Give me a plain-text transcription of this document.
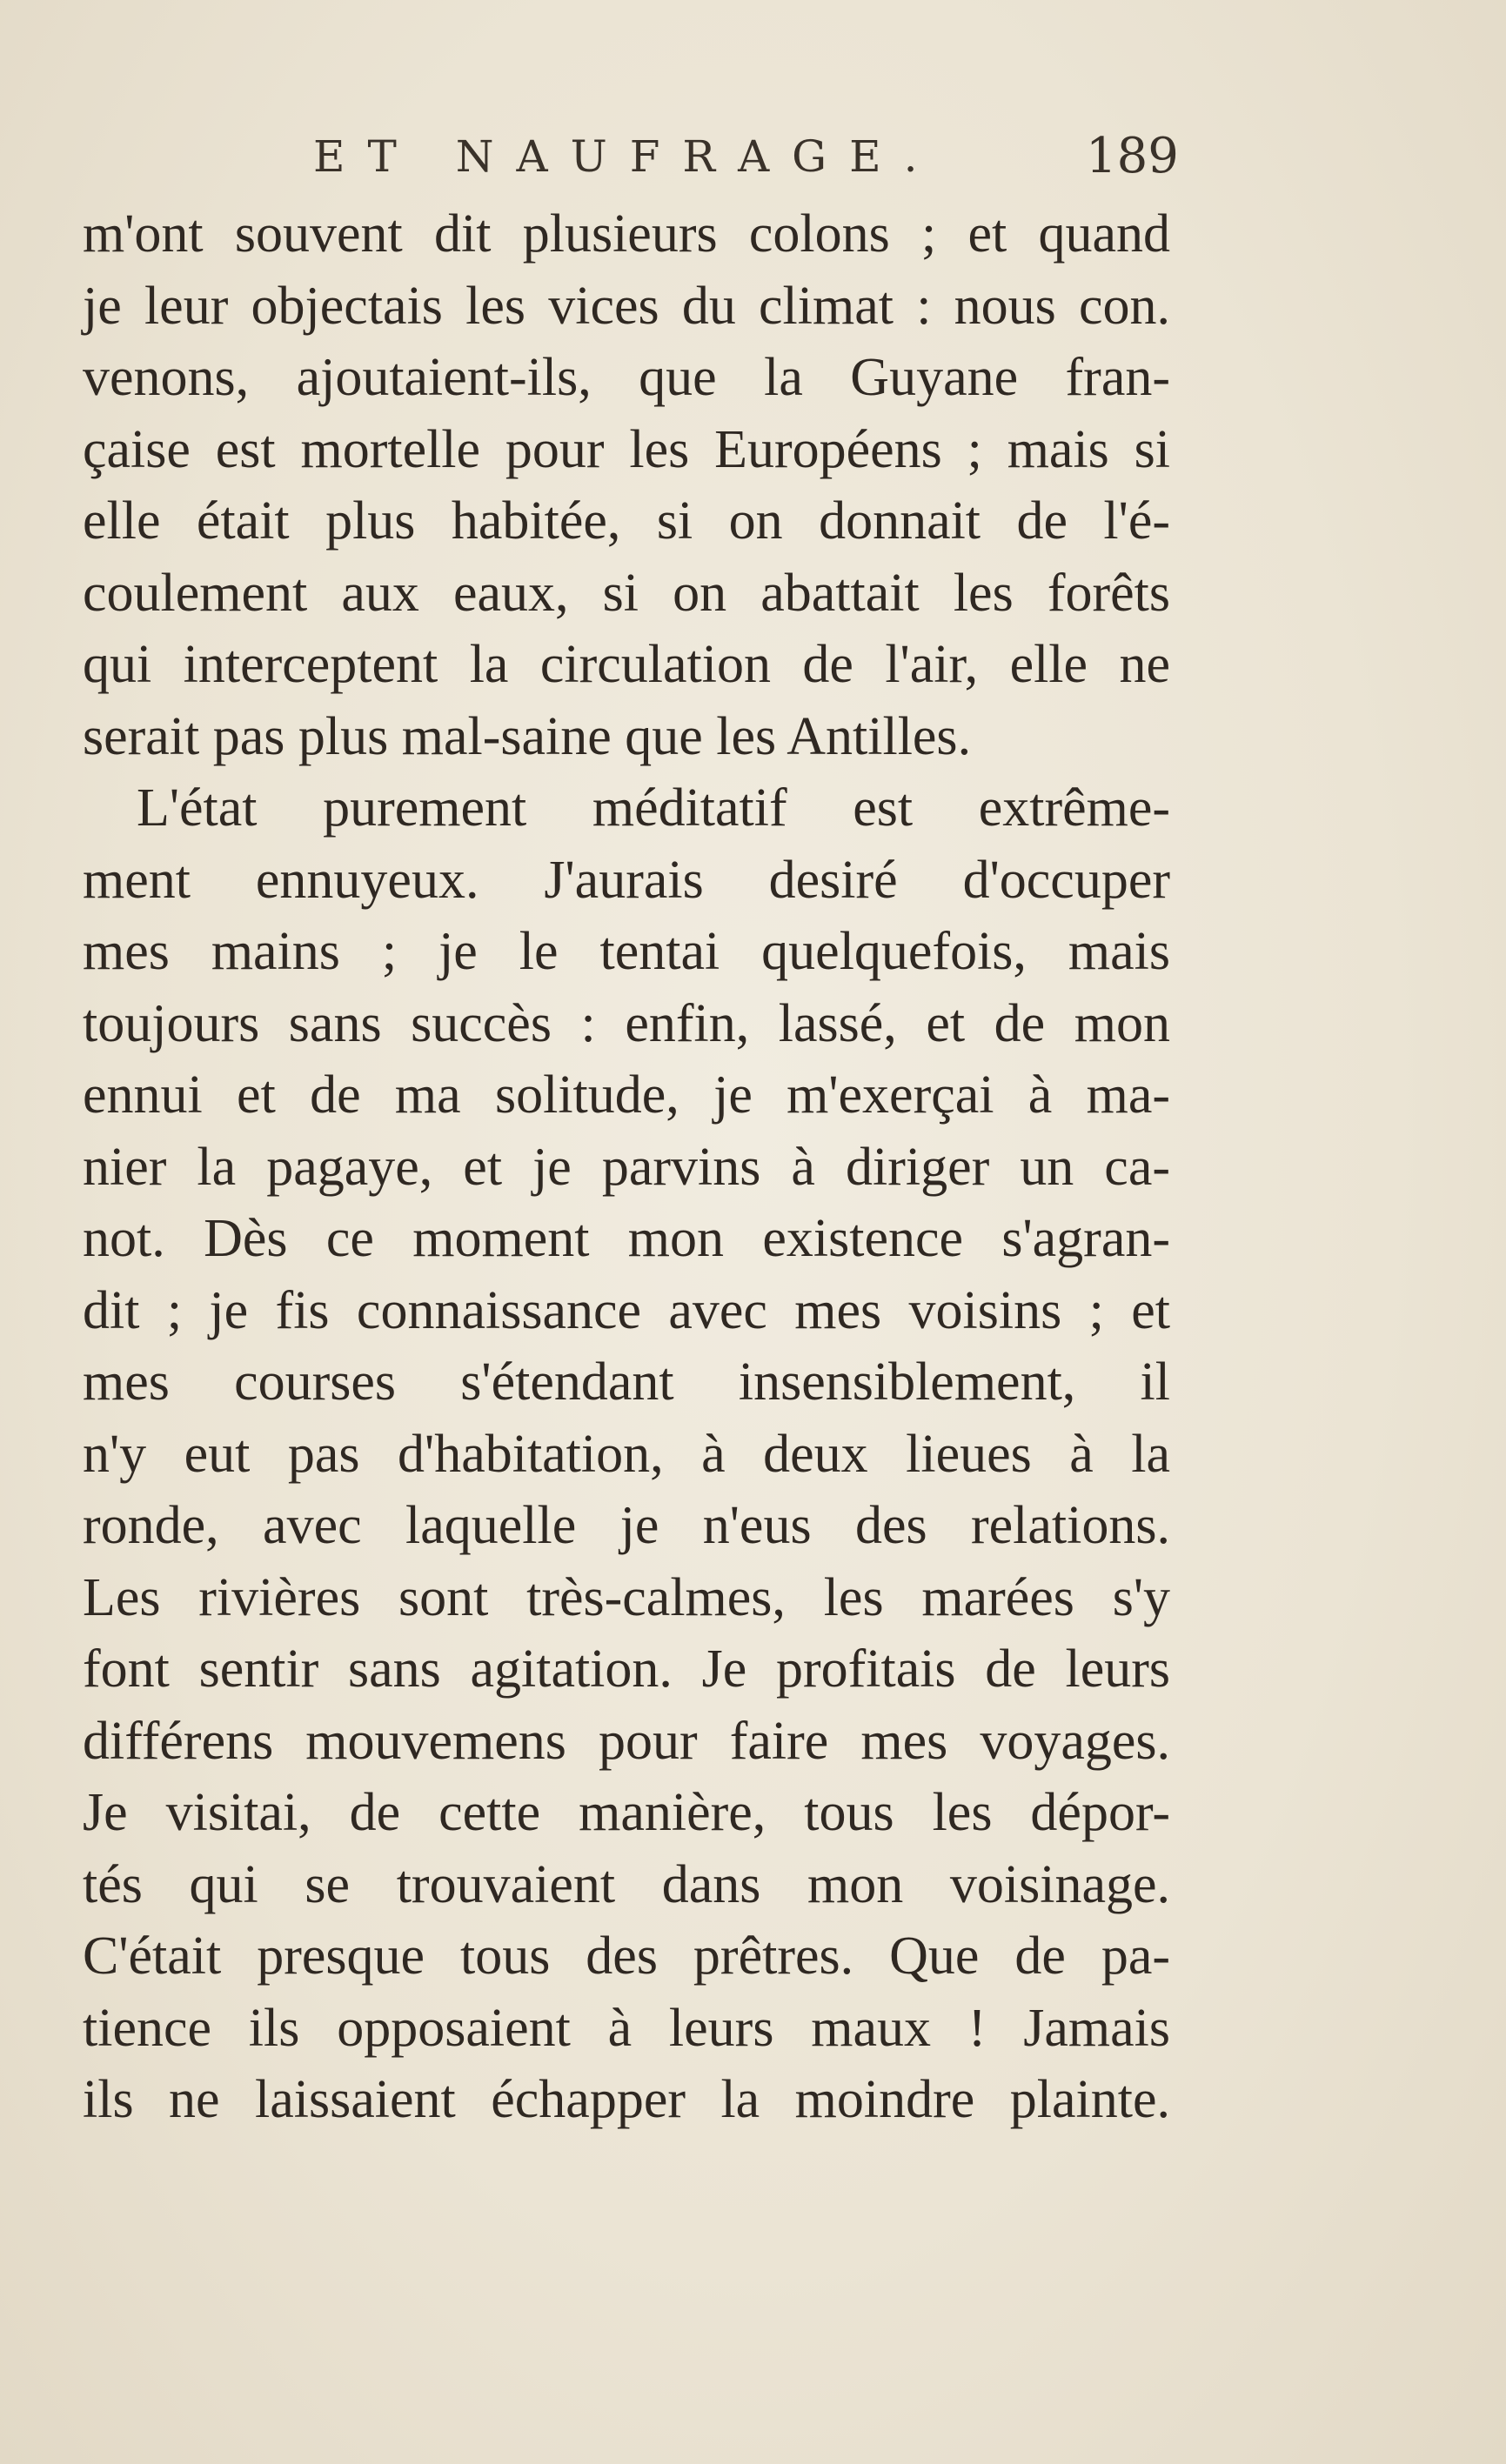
ET NAUFRAGE.	189
m'ont souvent dit plusieurs colons ; et quand
je leur objectais les vices du climat : nous con.
venons, ajoutaient-ils, que la Guyane fran-
çaise est mortelle pour les Européens ; mais si
elle était plus habitée, si on donnait de l'é-
coulement aux eaux, si on abattait les forêts
qui interceptent la circulation de l'air, elle ne
serait pas plus mal-saine que les Antilles.
L'état purement méditatif est extrême-
ment ennuyeux. J'aurais desiré d'occuper
mes mains ; je le tentai quelquefois, mais
toujours sans succès : enfin, lassé, et de mon
ennui et de ma solitude, je m'exerçai à ma-
nier la pagaye, et je parvins à diriger un ca-
not. Dès ce moment mon existence s'agran-
dit ; je fis connaissance avec mes voisins ; et
mes courses s'étendant insensiblement, il
n'y eut pas d'habitation, à deux lieues à la
ronde, avec laquelle je n'eus des relations.
Les rivières sont très-calmes, les marées s'y
font sentir sans agitation. Je profitais de leurs
différens mouvemens pour faire mes voyages.
Je visitai, de cette manière, tous les dépor-
tés qui se trouvaient dans mon voisinage.
C'était presque tous des prêtres. Que de pa-
tience ils opposaient à leurs maux ! Jamais
ils ne laissaient échapper la moindre plainte.
